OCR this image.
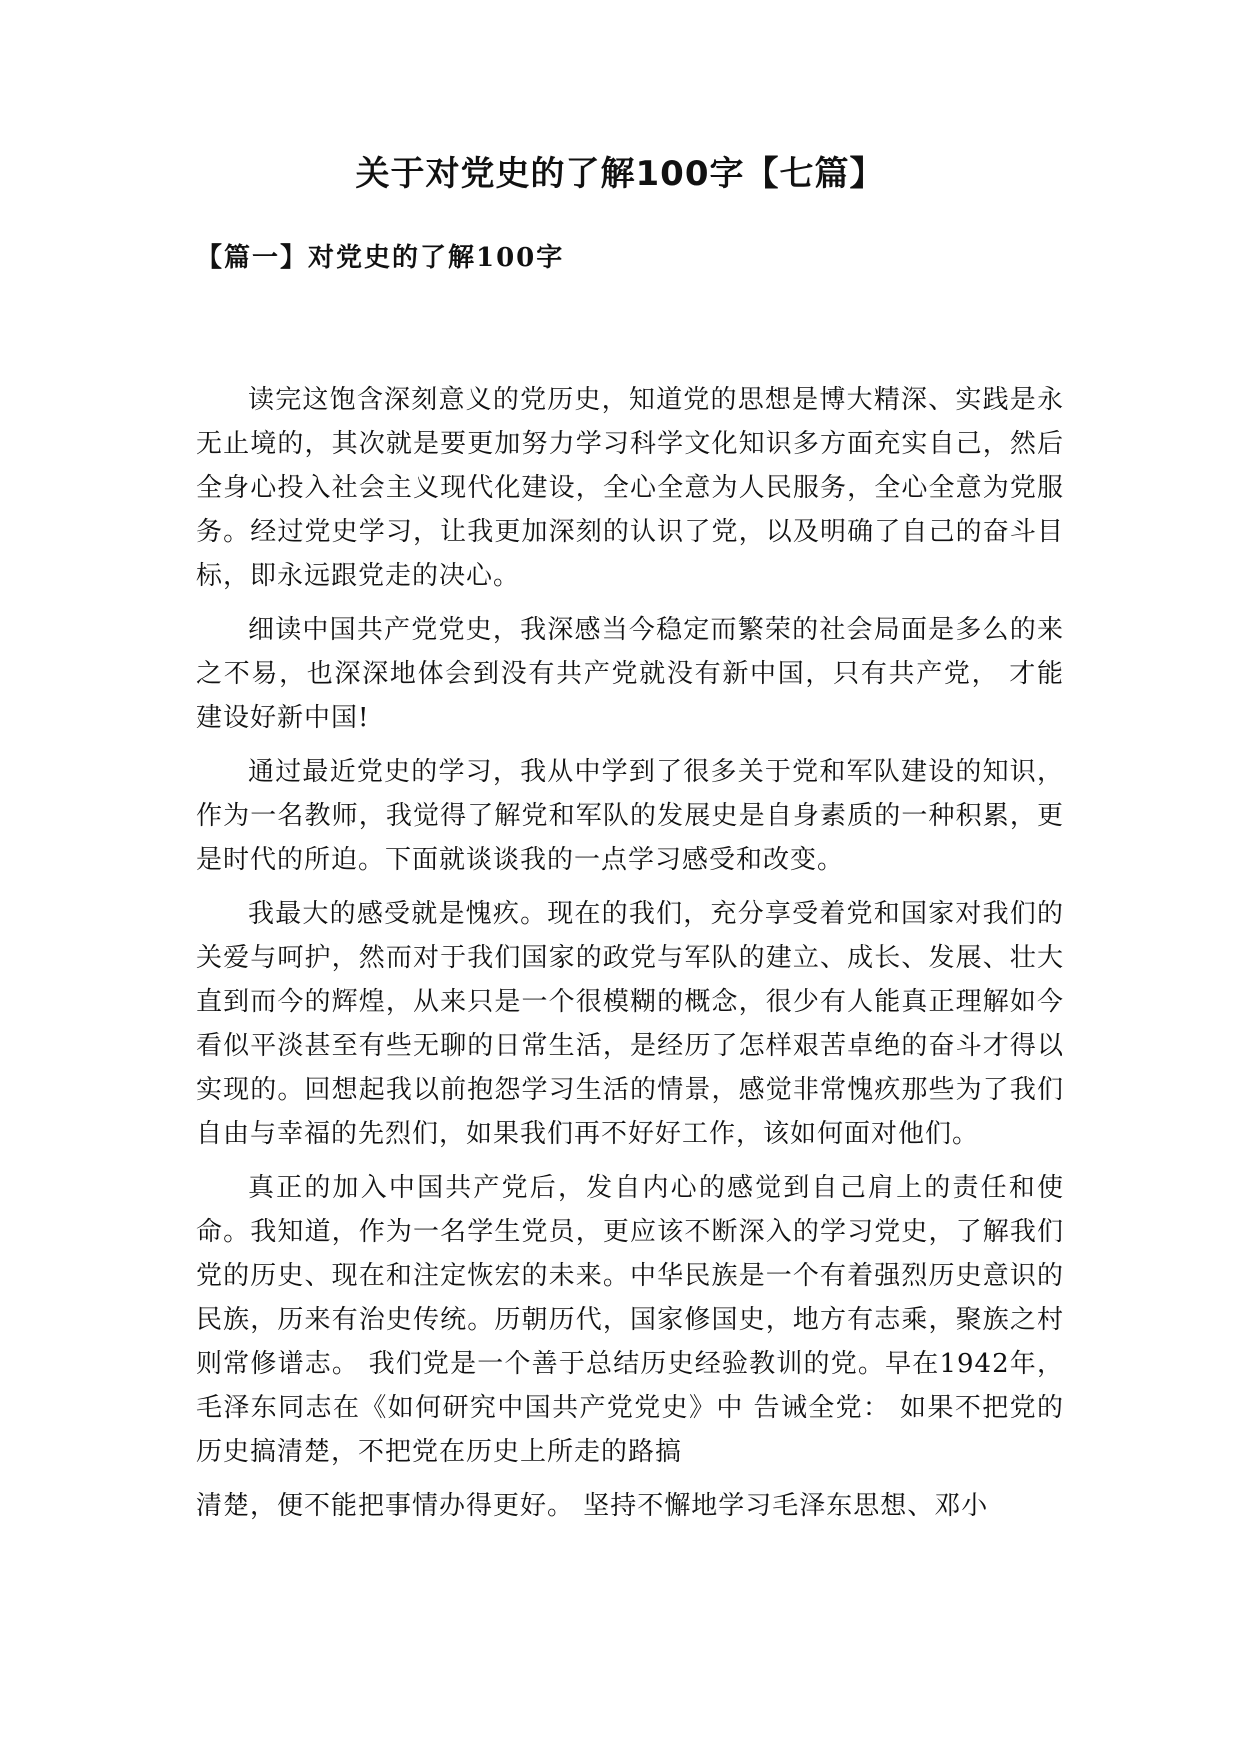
关于对党史的了解100字【七篇】
【篇一】对党史的了解100字

读完这饱含深刻意义的党历史，知道党的思想是博大精深、实践是永无止境的，其次就是要更加努力学习科学文化知识多方面充实自己，然后全身心投入社会主义现代化建设，全心全意为人民服务，全心全意为党服务。经过党史学习，让我更加深刻的认识了党，以及明确了自己的奋斗目标，即永远跟党走的决心。

细读中国共产党党史，我深感当今稳定而繁荣的社会局面是多么的来之不易，也深深地体会到没有共产党就没有新中国，只有共产党， 才能建设好新中国!

通过最近党史的学习，我从中学到了很多关于党和军队建设的知识，作为一名教师，我觉得了解党和军队的发展史是自身素质的一种积累，更是时代的所迫。下面就谈谈我的一点学习感受和改变。

我最大的感受就是愧疚。现在的我们，充分享受着党和国家对我们的关爱与呵护，然而对于我们国家的政党与军队的建立、成长、发展、壮大直到而今的辉煌，从来只是一个很模糊的概念，很少有人能真正理解如今看似平淡甚至有些无聊的日常生活，是经历了怎样艰苦卓绝的奋斗才得以实现的。回想起我以前抱怨学习生活的情景，感觉非常愧疚那些为了我们自由与幸福的先烈们，如果我们再不好好工作，该如何面对他们。

真正的加入中国共产党后，发自内心的感觉到自己肩上的责任和使命。我知道，作为一名学生党员，更应该不断深入的学习党史，了解我们党的历史、现在和注定恢宏的未来。中华民族是一个有着强烈历史意识的民族，历来有治史传统。历朝历代，国家修国史，地方有志乘，聚族之村则常修谱志。 我们党是一个善于总结历史经验教训的党。早在1942年，毛泽东同志在《如何研究中国共产党党史》中 告诫全党： 如果不把党的历史搞清楚，不把党在历史上所走的路搞

清楚，便不能把事情办得更好。 坚持不懈地学习毛泽东思想、邓小
